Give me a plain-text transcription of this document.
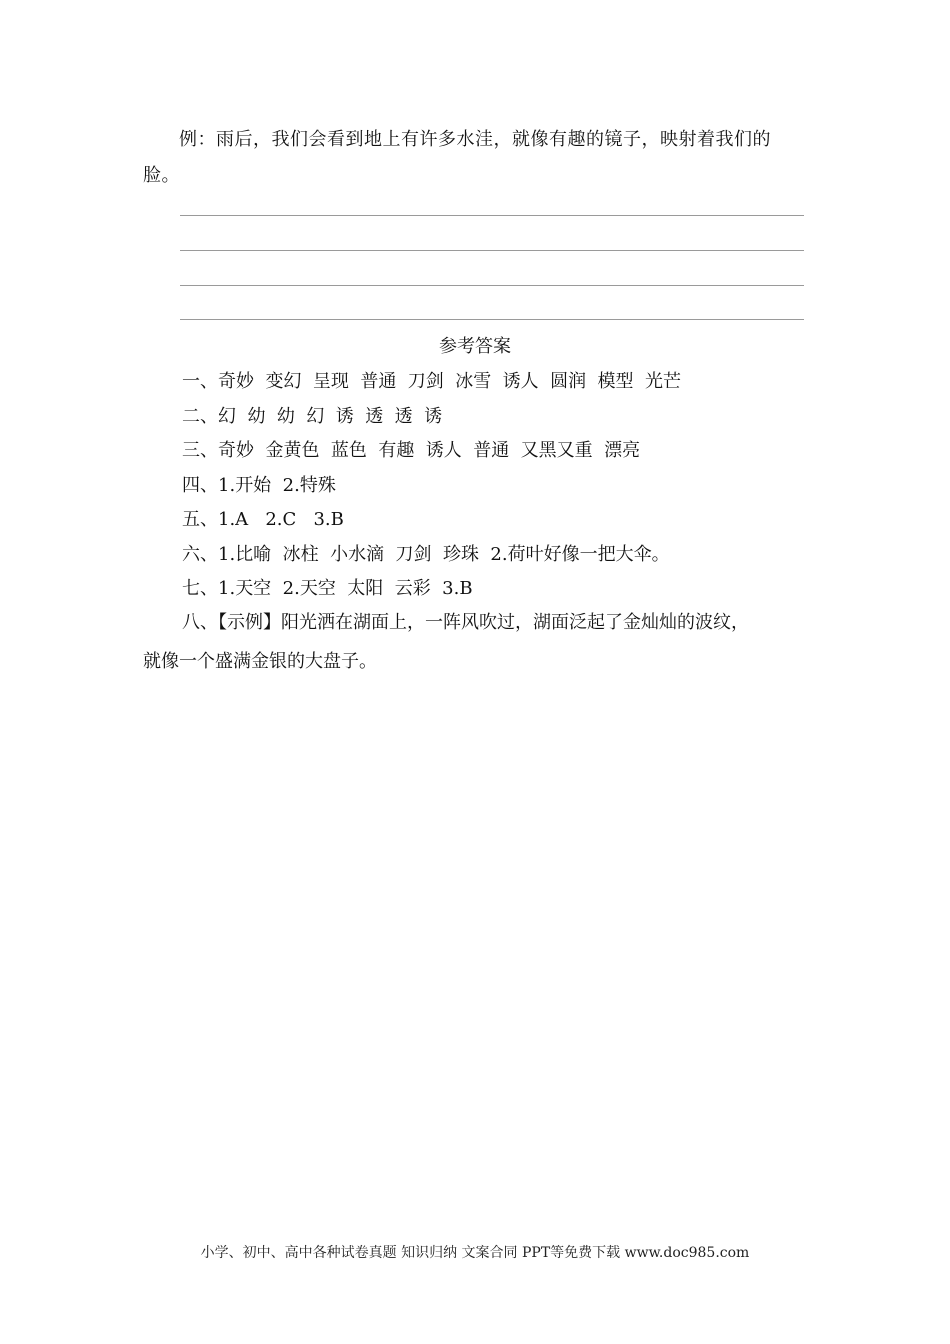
例：雨后，我们会看到地上有许多水洼，就像有趣的镜子，映射着我们的脸。
参考答案
一、奇妙  变幻  呈现  普通  刀剑  冰雪  诱人  圆润  模型  光芒
二、幻  幼  幼  幻  诱  透  透  诱
三、奇妙  金黄色  蓝色  有趣  诱人  普通  又黑又重  漂亮
四、1.开始  2.特殊
五、1.A   2.C   3.B
六、1.比喻  冰柱  小水滴  刀剑  珍珠  2.荷叶好像一把大伞。
七、1.天空  2.天空  太阳  云彩  3.B
八、【示例】阳光洒在湖面上，一阵风吹过，湖面泛起了金灿灿的波纹，
就像一个盛满金银的大盘子。
小学、初中、高中各种试卷真题 知识归纳 文案合同 PPT等免费下载 www.doc985.com
